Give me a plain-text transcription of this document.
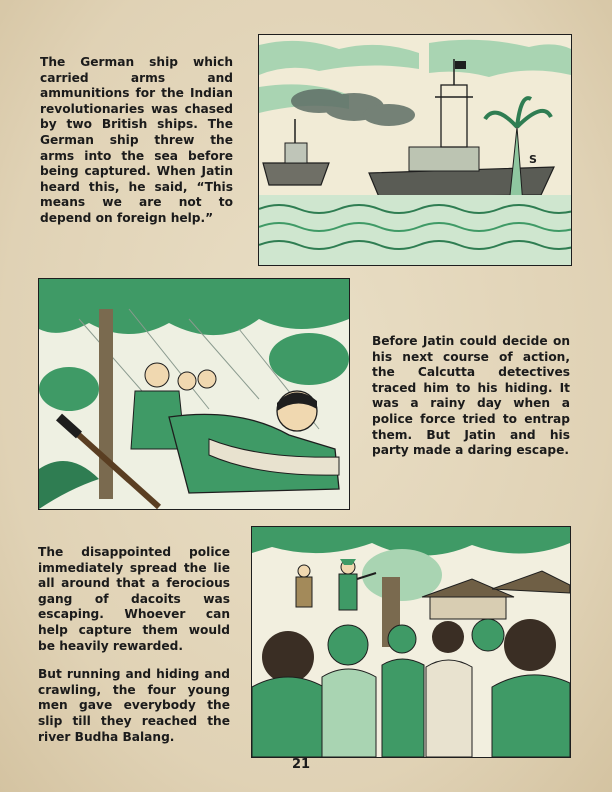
The German ship which carried arms and ammunitions for the Indian revolutionaries was chased by two British ships. The German ship threw the arms into the sea before being captured. When Jatin heard this, he said, “This means we are not to depend on foreign help.”

S

Before Jatin could decide on his next course of action, the Calcutta detectives traced him to his hiding. It was a rainy day when a police force tried to entrap them. But Jatin and his party made a daring escape.

The disappointed police immediately spread the lie all around that a ferocious gang of dacoits was escaping. Whoever can help capture them would be heavily rewarded.

But running and hiding and crawling, the four young men gave everybody the slip till they reached the river Budha Balang.

21
